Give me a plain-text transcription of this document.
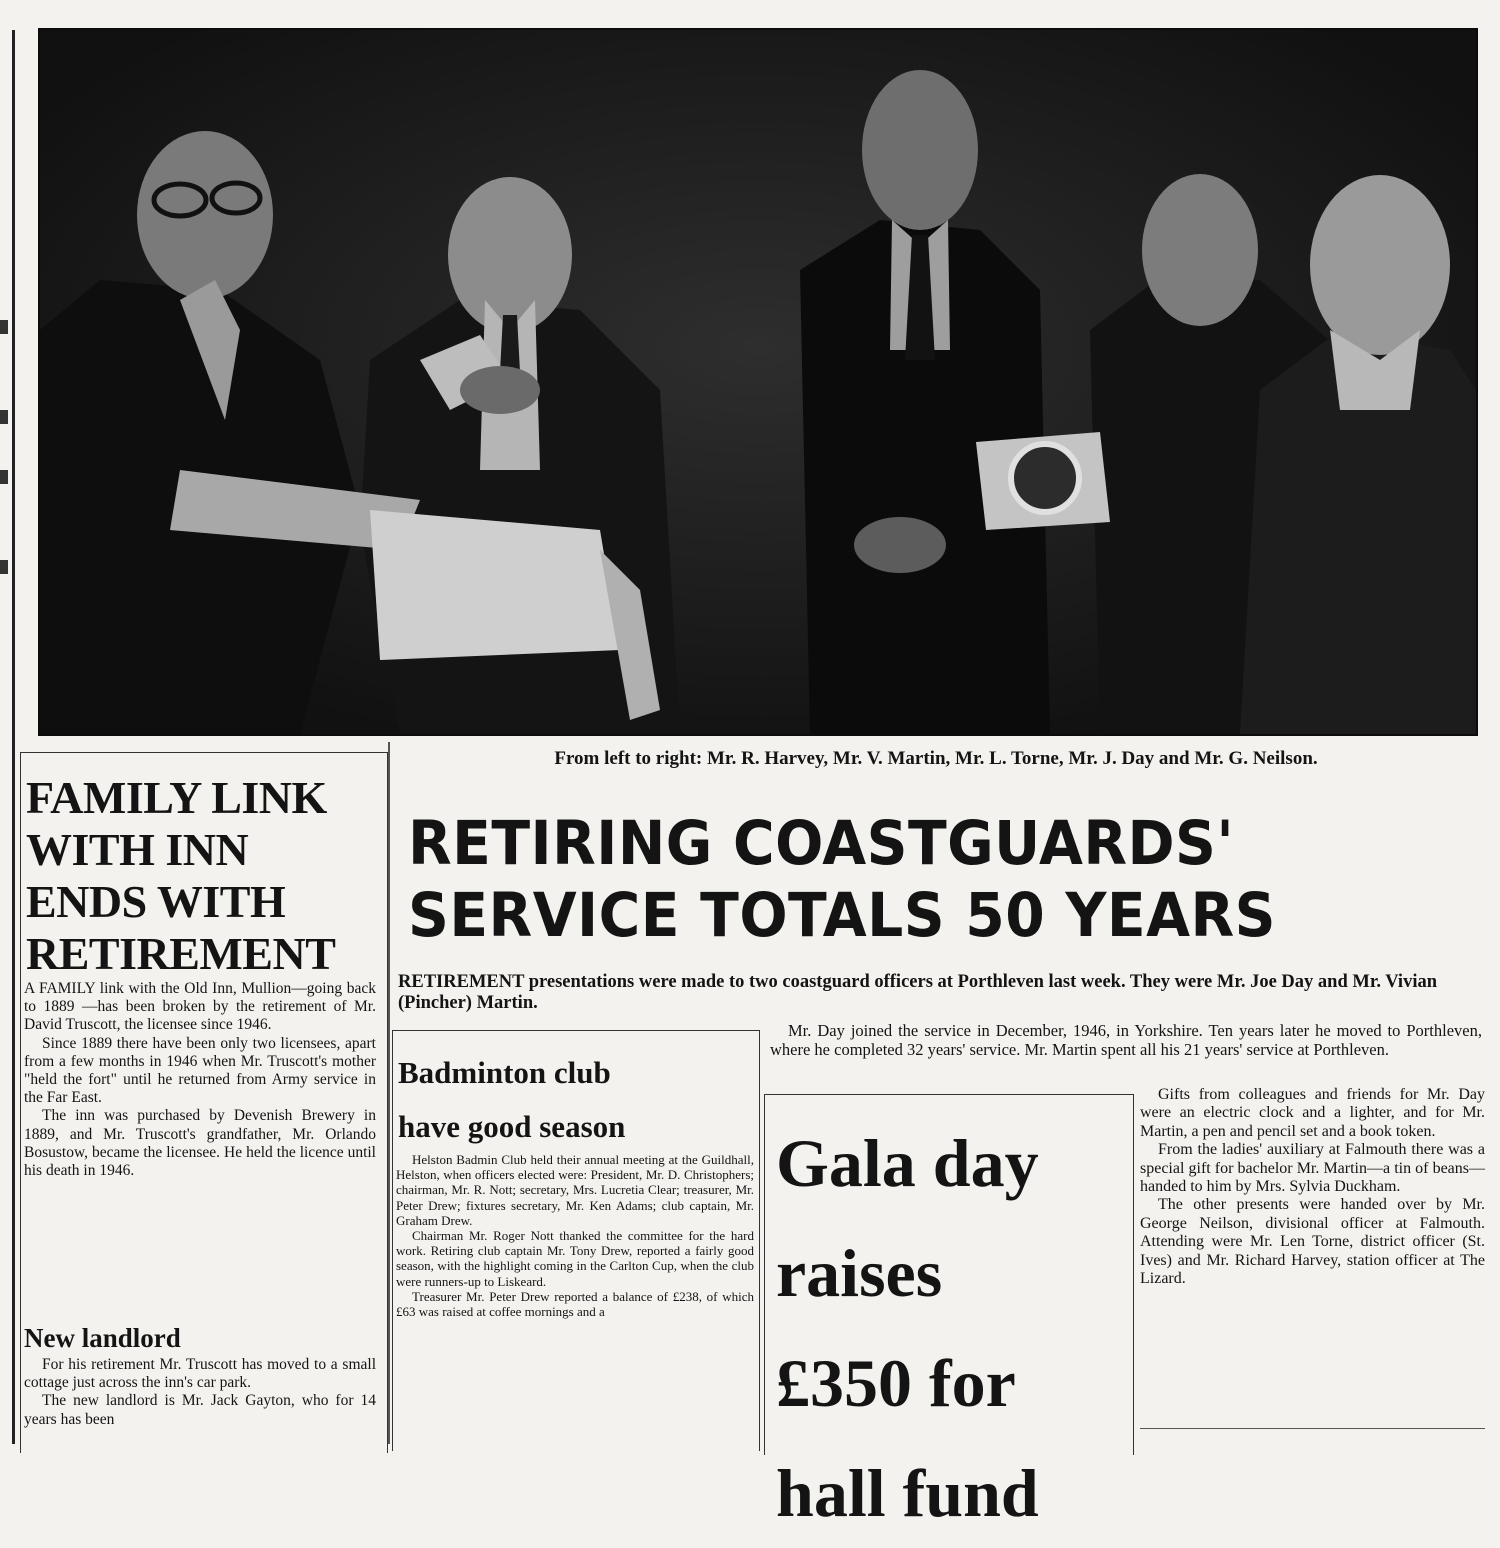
From left to right: Mr. R. Harvey, Mr. V. Martin, Mr. L. Torne, Mr. J. Day and Mr. G. Neilson.
FAMILY LINK
WITH INN
ENDS WITH
RETIREMENT

A FAMILY link with the Old Inn, Mullion—going back to 1889 —has been broken by the retirement of Mr. David Truscott, the licensee since 1946.

Since 1889 there have been only two licensees, apart from a few months in 1946 when Mr. Truscott's mother "held the fort" until he returned from Army service in the Far East.

The inn was purchased by Devenish Brewery in 1889, and Mr. Truscott's grandfather, Mr. Orlando Bosustow, became the licensee. He held the licence until his death in 1946.

New landlord

For his retirement Mr. Truscott has moved to a small cottage just across the inn's car park.

The new landlord is Mr. Jack Gayton, who for 14 years has been

RETIRING COASTGUARDS'
SERVICE TOTALS 50 YEARS
RETIREMENT presentations were made to two coastguard officers at Porthleven last week. They were Mr. Joe Day and Mr. Vivian (Pincher) Martin.

Mr. Day joined the service in December, 1946, in Yorkshire. Ten years later he moved to Porthleven, where he completed 32 years' service. Mr. Martin spent all his 21 years' service at Porthleven.

Gifts from colleagues and friends for Mr. Day were an electric clock and a lighter, and for Mr. Martin, a pen and pencil set and a book token.

From the ladies' auxiliary at Falmouth there was a special gift for bachelor Mr. Martin—a tin of beans—handed to him by Mrs. Sylvia Duckham.

The other presents were handed over by Mr. George Neilson, divisional officer at Falmouth. Attending were Mr. Len Torne, district officer (St. Ives) and Mr. Richard Harvey, station officer at The Lizard.

Badminton club
have good season

Helston Badmin Club held their annual meeting at the Guildhall, Helston, when officers elected were: President, Mr. D. Christophers; chairman, Mr. R. Nott; secretary, Mrs. Lucretia Clear; treasurer, Mr. Peter Drew; fixtures secretary, Mr. Ken Adams; club captain, Mr. Graham Drew.

Chairman Mr. Roger Nott thanked the committee for the hard work. Retiring club captain Mr. Tony Drew, reported a fairly good season, with the highlight coming in the Carlton Cup, when the club were runners-up to Liskeard.

Treasurer Mr. Peter Drew reported a balance of £238, of which £63 was raised at coffee mornings and a

Gala day
raises
£350 for
hall fund
